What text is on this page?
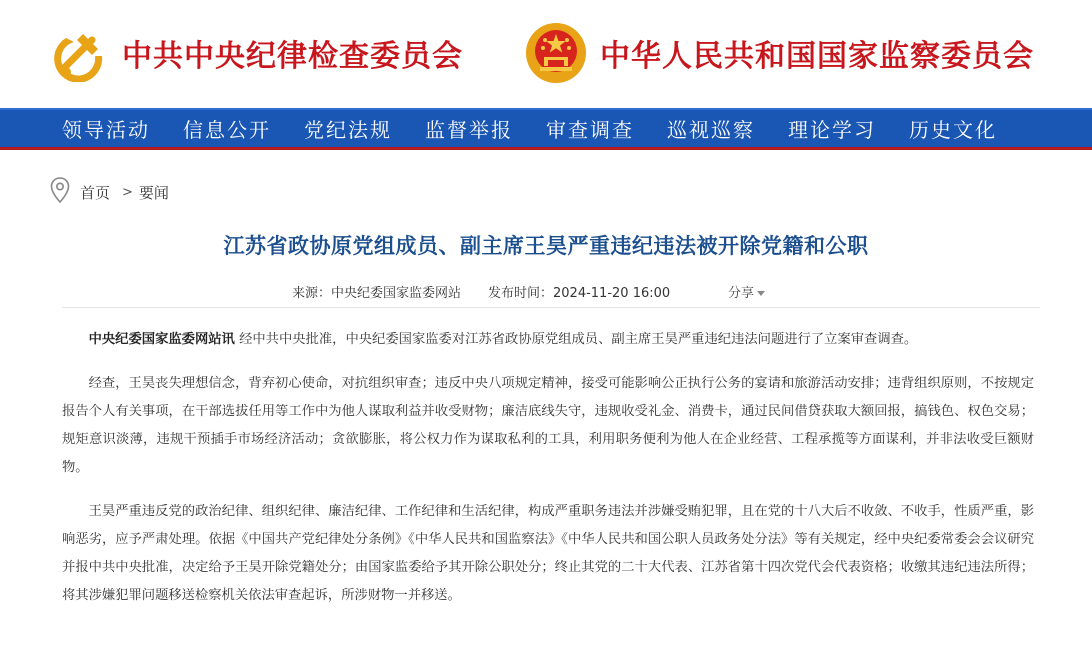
中共中央纪律检查委员会	中华人民共和国国家监察委员会
领导活动 信息公开 党纪法规 监督举报 审查调查 巡视巡察 理论学习 历史文化
首页 > 要闻
江苏省政协原党组成员、副主席王昊严重违纪违法被开除党籍和公职
来源：中央纪委国家监委网站 发布时间：2024-11-20 16:00	分享

中央纪委国家监委网站讯 经中共中央批准，中央纪委国家监委对江苏省政协原党组成员、副主席王昊严重违纪违法问题进行了立案审查调查。

经查，王昊丧失理想信念，背弃初心使命，对抗组织审查；违反中央八项规定精神，接受可能影响公正执行公务的宴请和旅游活动安排；违背组织原则，不按规定报告个人有关事项，在干部选拔任用等工作中为他人谋取利益并收受财物；廉洁底线失守，违规收受礼金、消费卡，通过民间借贷获取大额回报，搞钱色、权色交易；规矩意识淡薄，违规干预插手市场经济活动；贪欲膨胀，将公权力作为谋取私利的工具，利用职务便利为他人在企业经营、工程承揽等方面谋利，并非法收受巨额财物。

王昊严重违反党的政治纪律、组织纪律、廉洁纪律、工作纪律和生活纪律，构成严重职务违法并涉嫌受贿犯罪，且在党的十八大后不收敛、不收手，性质严重，影响恶劣，应予严肃处理。依据《中国共产党纪律处分条例》《中华人民共和国监察法》《中华人民共和国公职人员政务处分法》等有关规定，经中央纪委常委会会议研究并报中共中央批准，决定给予王昊开除党籍处分；由国家监委给予其开除公职处分；终止其党的二十大代表、江苏省第十四次党代会代表资格；收缴其违纪违法所得；将其涉嫌犯罪问题移送检察机关依法审查起诉，所涉财物一并移送。
